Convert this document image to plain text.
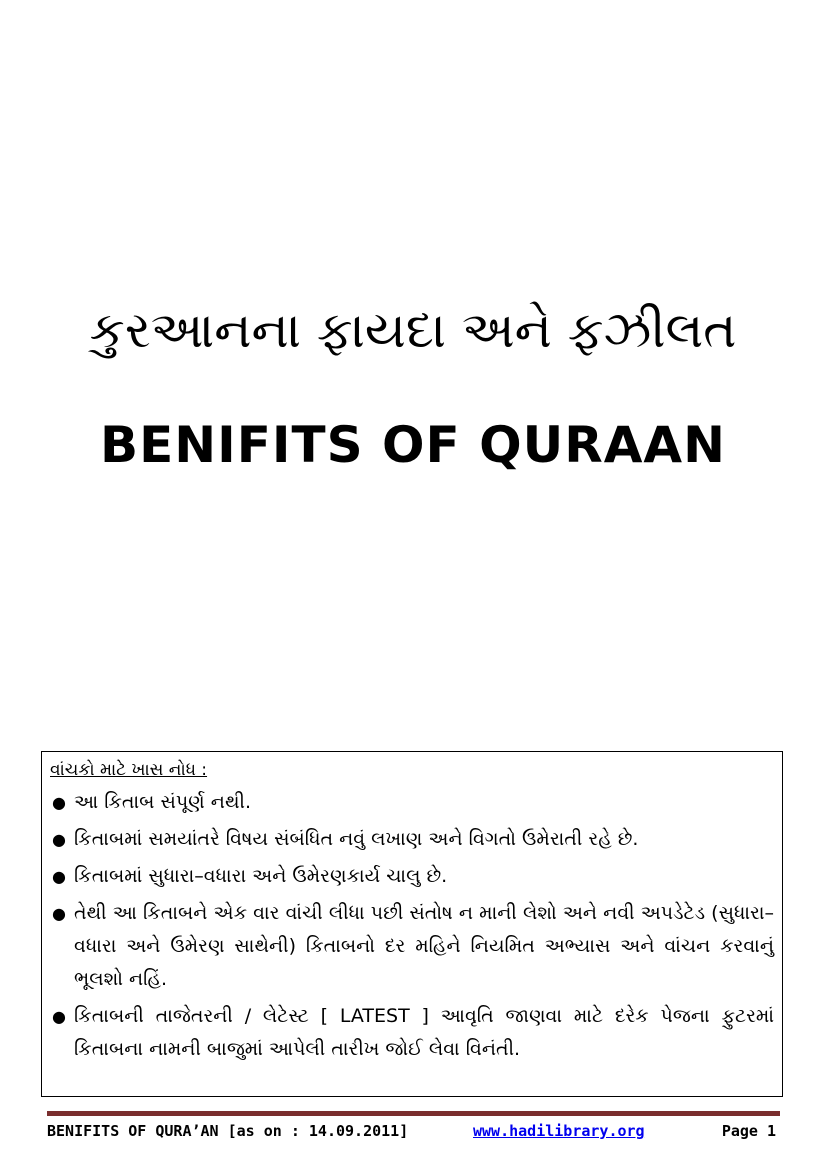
કુરઆનના ફાયદા અને ફઝીલત
BENIFITS OF QURAAN
વાંચકો માટે ખાસ નોધ :
● આ કિતાબ સંપૂર્ણ નથી.
● કિતાબમાં સમયાંતરે વિષય સંબંધિત નવું લખાણ અને વિગતો ઉમેરાતી રહે છે.
● કિતાબમાં સુધારા–વધારા અને ઉમેરણકાર્ય ચાલુ છે.
● તેથી આ કિતાબને એક વાર વાંચી લીધા પછી સંતોષ ન માની લેશો અને નવી અપડેટેડ (સુધારા–વધારા અને ઉમેરણ સાથેની) કિતાબનો દર મહિને નિયમિત અભ્યાસ અને વાંચન કરવાનું ભૂલશો નહિં.
● કિતાબની તાજેતરની / લેટેસ્ટ [ LATEST ] આવૃતિ જાણવા માટે દરેક પેજના ફુટરમાં કિતાબના નામની બાજુમાં આપેલી તારીખ જોઈ લેવા વિનંતી.
BENIFITS OF QURA’AN [as on : 14.09.2011]	www.hadilibrary.org	Page 1
